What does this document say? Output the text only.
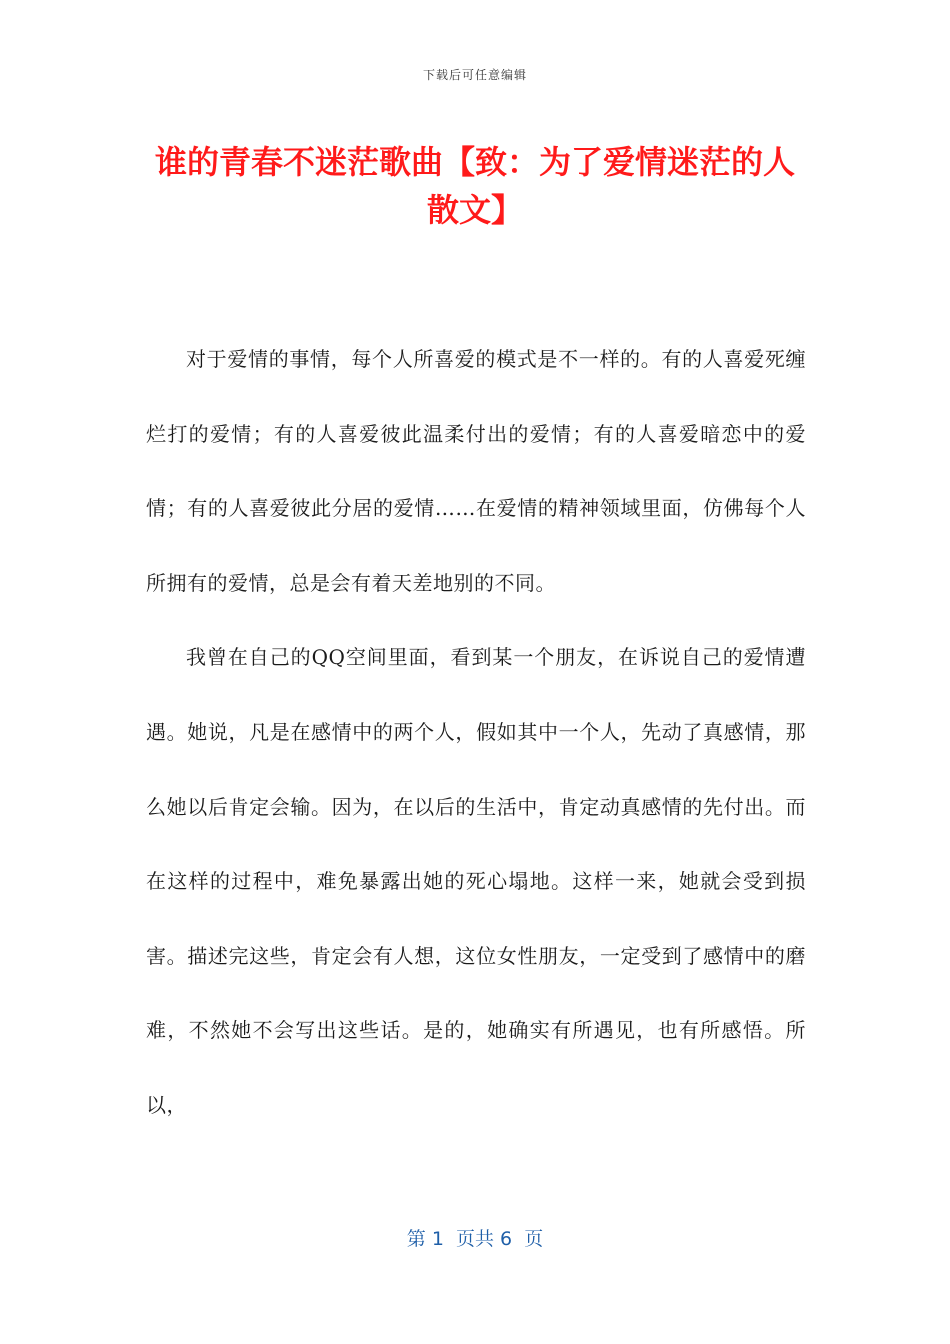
下载后可任意编辑
谁的青春不迷茫歌曲【致：为了爱情迷茫的人散文】

对于爱情的事情，每个人所喜爱的模式是不一样的。有的人喜爱死缠烂打的爱情；有的人喜爱彼此温柔付出的爱情；有的人喜爱暗恋中的爱情；有的人喜爱彼此分居的爱情……在爱情的精神领域里面，仿佛每个人所拥有的爱情，总是会有着天差地别的不同。

我曾在自己的QQ空间里面，看到某一个朋友，在诉说自己的爱情遭遇。她说，凡是在感情中的两个人，假如其中一个人，先动了真感情，那么她以后肯定会输。因为，在以后的生活中，肯定动真感情的先付出。而在这样的过程中，难免暴露出她的死心塌地。这样一来，她就会受到损害。描述完这些，肯定会有人想，这位女性朋友，一定受到了感情中的磨难，不然她不会写出这些话。是的，她确实有所遇见，也有所感悟。所以，

第 1  页共 6  页
